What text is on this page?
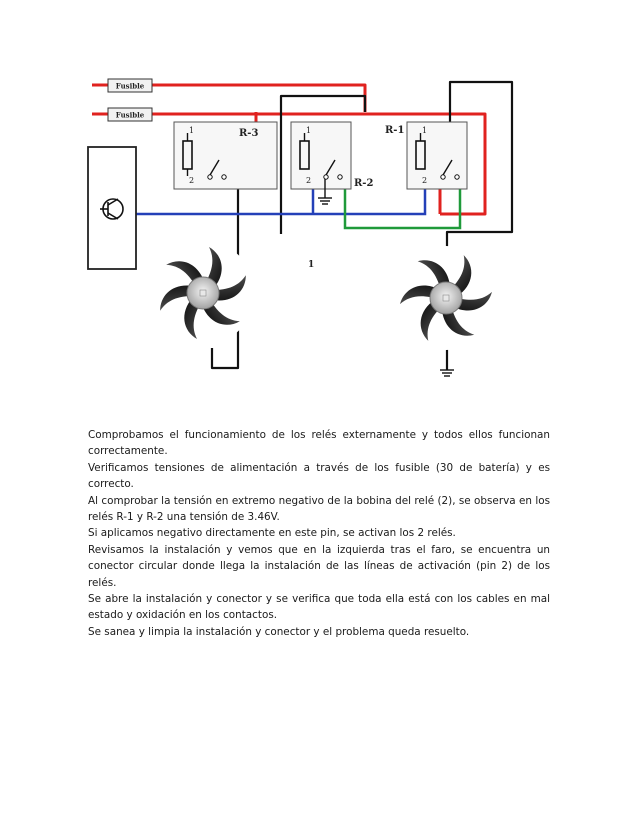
Fusible
Fusible
R-3
1
2	R-2
1
2
R-1 1
2
1

Comprobamos el funcionamiento de los relés externamente y todos ellos funcionan correctamente.

Verificamos tensiones de alimentación a través de los fusible (30 de batería) y es correcto.

Al comprobar la tensión en extremo negativo de la bobina del relé (2), se observa en los relés R-1 y R-2 una tensión de 3.46V.

Si aplicamos negativo directamente en este pin, se activan los 2 relés.

Revisamos la instalación y vemos que en la izquierda tras el faro, se encuentra un conector circular donde llega la instalación de las líneas de activación (pin 2) de los relés.

Se abre la instalación y conector y se verifica que toda ella está con los cables en mal estado y oxidación en los contactos.

Se sanea y limpia la instalación y conector y el problema queda resuelto.
